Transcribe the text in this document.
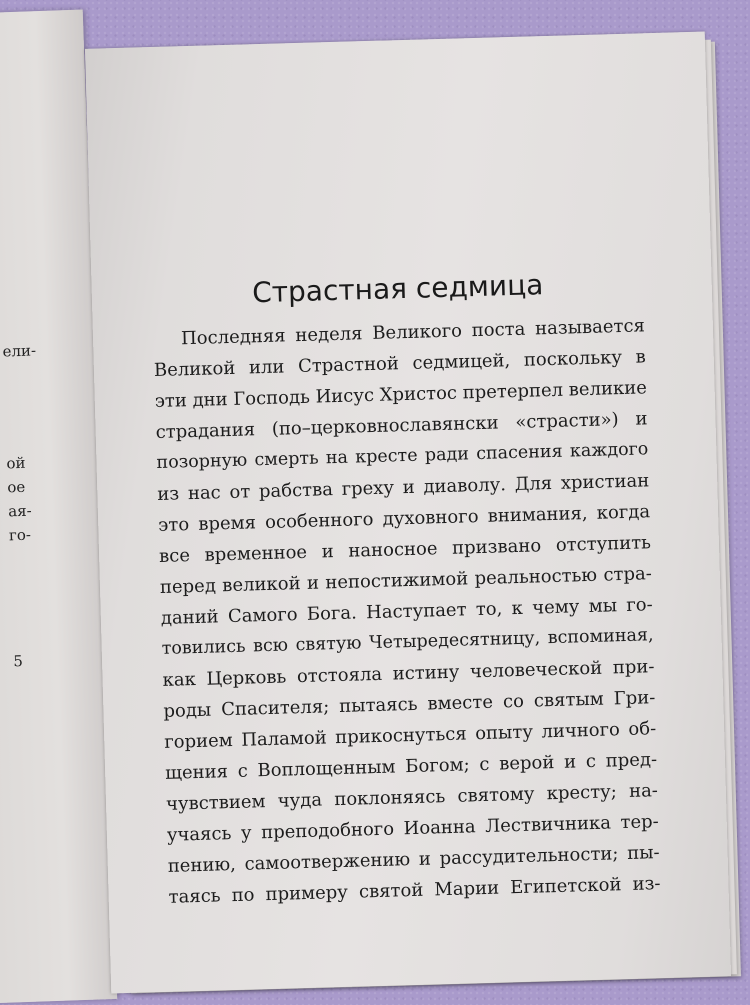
ели-
ой
ое
ая-
го-
5
Страстная седмица
Последняя неделя Великого поста называется
Великой или Страстной седмицей, поскольку в
эти дни Господь Иисус Христос претерпел великие
страдания (по–церковнославянски «страсти») и
позорную смерть на кресте ради спасения каждого
из нас от рабства греху и диаволу. Для христиан
это время особенного духовного внимания, когда
все временное и наносное призвано отступить
перед великой и непостижимой реальностью стра-
даний Самого Бога. Наступает то, к чему мы го-
товились всю святую Четыредесятницу, вспоминая,
как Церковь отстояла истину человеческой при-
роды Спасителя; пытаясь вместе со святым Гри-
горием Паламой прикоснуться опыту личного об-
щения с Воплощенным Богом; с верой и с пред-
чувствием чуда поклоняясь святому кресту; на-
учаясь у преподобного Иоанна Лествичника тер-
пению, самоотвержению и рассудительности; пы-
таясь по примеру святой Марии Египетской из-
